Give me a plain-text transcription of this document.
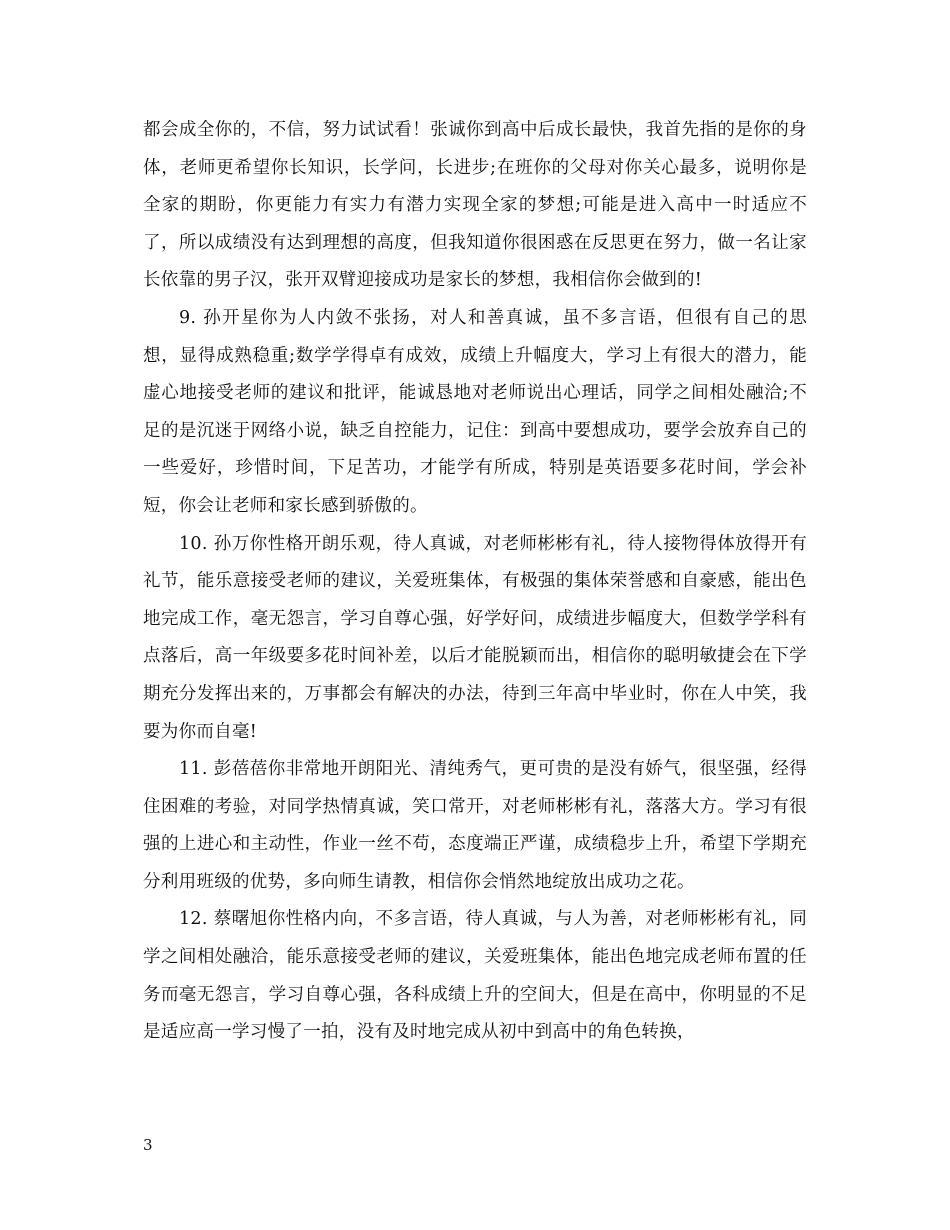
都会成全你的，不信，努力试试看！张诚你到高中后成长最快，我首先指的是你的身体，老师更希望你长知识，长学问，长进步;在班你的父母对你关心最多，说明你是全家的期盼，你更能力有实力有潜力实现全家的梦想;可能是进入高中一时适应不了，所以成绩没有达到理想的高度，但我知道你很困惑在反思更在努力，做一名让家长依靠的男子汉，张开双臂迎接成功是家长的梦想，我相信你会做到的!

9. 孙开星你为人内敛不张扬，对人和善真诚，虽不多言语，但很有自己的思想，显得成熟稳重;数学学得卓有成效，成绩上升幅度大，学习上有很大的潜力，能虚心地接受老师的建议和批评，能诚恳地对老师说出心理话，同学之间相处融洽;不足的是沉迷于网络小说，缺乏自控能力，记住：到高中要想成功，要学会放弃自己的一些爱好，珍惜时间，下足苦功，才能学有所成，特别是英语要多花时间，学会补短，你会让老师和家长感到骄傲的。

10. 孙万你性格开朗乐观，待人真诚，对老师彬彬有礼，待人接物得体放得开有礼节，能乐意接受老师的建议，关爱班集体，有极强的集体荣誉感和自豪感，能出色地完成工作，毫无怨言，学习自尊心强，好学好问，成绩进步幅度大，但数学学科有点落后，高一年级要多花时间补差，以后才能脱颖而出，相信你的聪明敏捷会在下学期充分发挥出来的，万事都会有解决的办法，待到三年高中毕业时，你在人中笑，我要为你而自毫!

11. 彭蓓蓓你非常地开朗阳光、清纯秀气，更可贵的是没有娇气，很坚强，经得住困难的考验，对同学热情真诚，笑口常开，对老师彬彬有礼，落落大方。学习有很强的上进心和主动性，作业一丝不苟，态度端正严谨，成绩稳步上升，希望下学期充分利用班级的优势，多向师生请教，相信你会悄然地绽放出成功之花。

12. 蔡曙旭你性格内向，不多言语，待人真诚，与人为善，对老师彬彬有礼，同学之间相处融洽，能乐意接受老师的建议，关爱班集体，能出色地完成老师布置的任务而毫无怨言，学习自尊心强，各科成绩上升的空间大，但是在高中，你明显的不足是适应高一学习慢了一拍，没有及时地完成从初中到高中的角色转换，

3
